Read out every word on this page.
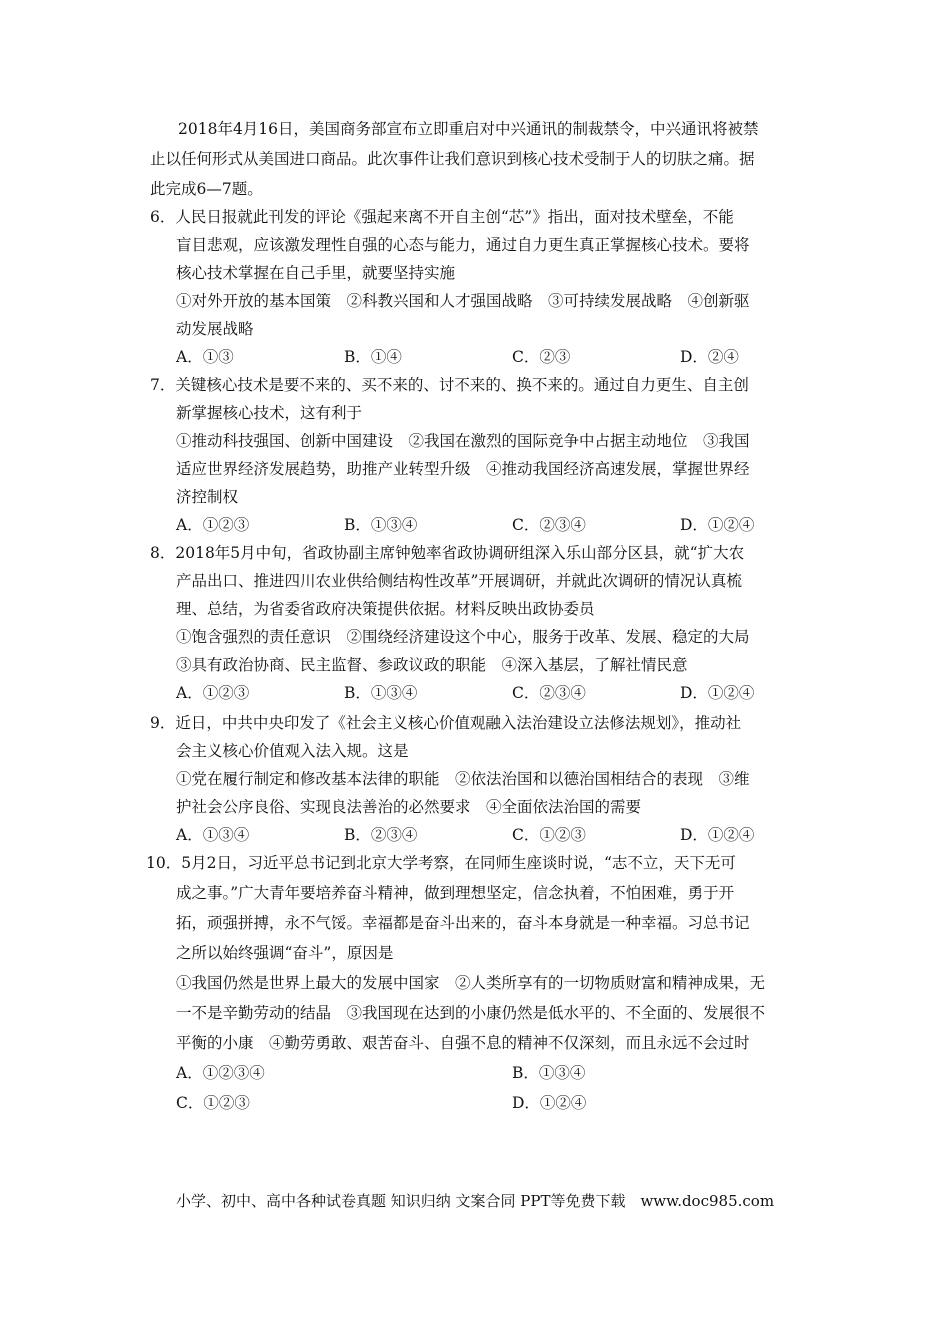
2018年4月16日，美国商务部宣布立即重启对中兴通讯的制裁禁令，中兴通讯将被禁
止以任何形式从美国进口商品。此次事件让我们意识到核心技术受制于人的切肤之痛。据
此完成6—7题。
6．人民日报就此刊发的评论《强起来离不开自主创“芯”》指出，面对技术壁垒，不能
盲目悲观，应该激发理性自强的心态与能力，通过自力更生真正掌握核心技术。要将
核心技术掌握在自己手里，就要坚持实施
①对外开放的基本国策　②科教兴国和人才强国战略　③可持续发展战略　④创新驱
动发展战略
A．①③	B．①④	C．②③	D．②④
7．关键核心技术是要不来的、买不来的、讨不来的、换不来的。通过自力更生、自主创
新掌握核心技术，这有利于
①推动科技强国、创新中国建设　②我国在激烈的国际竞争中占据主动地位　③我国
适应世界经济发展趋势，助推产业转型升级　④推动我国经济高速发展，掌握世界经
济控制权
A．①②③	B．①③④	C．②③④	D．①②④
8．2018年5月中旬，省政协副主席钟勉率省政协调研组深入乐山部分区县，就“扩大农
产品出口、推进四川农业供给侧结构性改革”开展调研，并就此次调研的情况认真梳
理、总结，为省委省政府决策提供依据。材料反映出政协委员
①饱含强烈的责任意识　②围绕经济建设这个中心，服务于改革、发展、稳定的大局
③具有政治协商、民主监督、参政议政的职能　④深入基层，了解社情民意
A．①②③	B．①③④	C．②③④	D．①②④
9．近日，中共中央印发了《社会主义核心价值观融入法治建设立法修法规划》，推动社
会主义核心价值观入法入规。这是
①党在履行制定和修改基本法律的职能　②依法治国和以德治国相结合的表现　③维
护社会公序良俗、实现良法善治的必然要求　④全面依法治国的需要
A．①③④	B．②③④	C．①②③	D．①②④
10．5月2日，习近平总书记到北京大学考察，在同师生座谈时说，“志不立，天下无可
成之事。”广大青年要培养奋斗精神，做到理想坚定，信念执着，不怕困难，勇于开
拓，顽强拼搏，永不气馁。幸福都是奋斗出来的，奋斗本身就是一种幸福。习总书记
之所以始终强调“奋斗”，原因是
①我国仍然是世界上最大的发展中国家　②人类所享有的一切物质财富和精神成果，无
一不是辛勤劳动的结晶　③我国现在达到的小康仍然是低水平的、不全面的、发展很不
平衡的小康　④勤劳勇敢、艰苦奋斗、自强不息的精神不仅深刻，而且永远不会过时
A．①②③④	B．①③④
C．①②③	D．①②④
小学、初中、高中各种试卷真题 知识归纳 文案合同 PPT等免费下载　www.doc985.com
